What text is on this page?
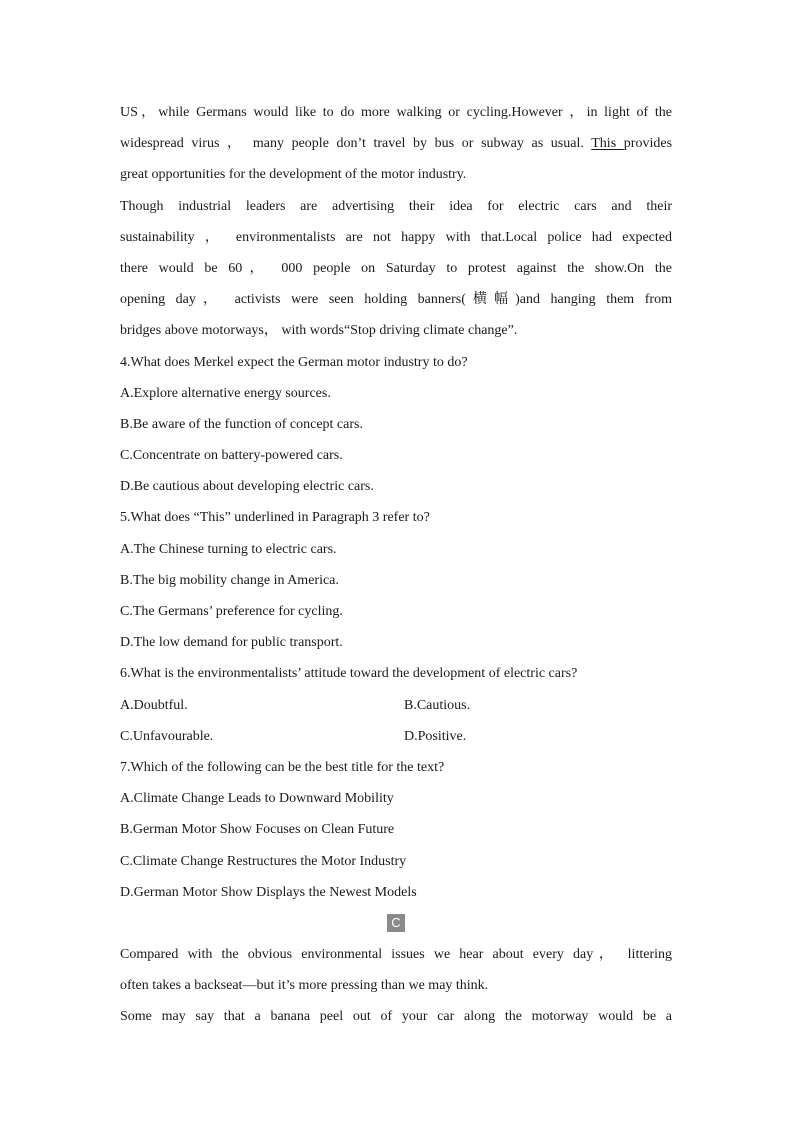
US，while Germans would like to do more walking or cycling.However ，in light of the
widespread virus ， many people don’t travel by bus or subway as usual. This provides
great opportunities for the development of the motor industry.
Though industrial leaders are advertising their idea for electric cars and their
sustainability ， environmentalists are not happy with that.Local police had expected
there would be 60， 000 people on Saturday to protest against the show.On the
opening day， activists were seen holding banners(横幅)and hanging them from
bridges above motorways， with words“Stop driving climate change”.
4.What does Merkel expect the German motor industry to do?
A.Explore alternative energy sources.
B.Be aware of the function of concept cars.
C.Concentrate on battery-powered cars.
D.Be cautious about developing electric cars.
5.What does “This” underlined in Paragraph 3 refer to?
A.The Chinese turning to electric cars.
B.The big mobility change in America.
C.The Germans’ preference for cycling.
D.The low demand for public transport.
6.What is the environmentalists’ attitude toward the development of electric cars?
A.Doubtful.	B.Cautious.
C.Unfavourable.	D.Positive.
7.Which of the following can be the best title for the text?
A.Climate Change Leads to Downward Mobility
B.German Motor Show Focuses on Clean Future
C.Climate Change Restructures the Motor Industry
D.German Motor Show Displays the Newest Models
C
Compared with the obvious environmental issues we hear about every day， littering
often takes a backseat—but it’s more pressing than we may think.
Some may say that a banana peel out of your car along the motorway would be a
